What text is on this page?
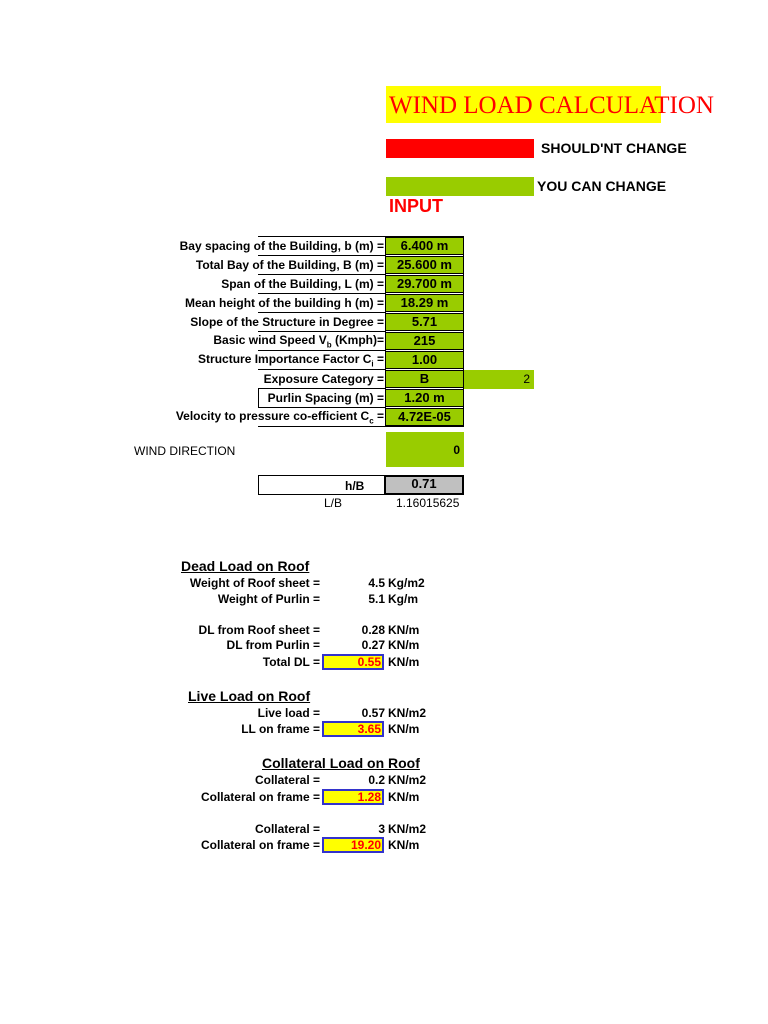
WIND LOAD CALCULATION
SHOULD'NT CHANGE
YOU CAN CHANGE
INPUT
Bay spacing of the Building, b (m) =	6.400 m
Total Bay of the Building, B (m) =	25.600 m
Span of the Building, L (m) =	29.700 m
Mean height of the building h (m) =	18.29 m
Slope of the Structure in Degree =	5.71
Basic wind Speed $V_b$ (Kmph)=	215
Structure Importance Factor $C_i$ =	1.00
Exposure Category =	B	2
Purlin Spacing (m) =	1.20 m
Velocity to pressure co-efficient $C_c$ =	4.72E-05
WIND DIRECTION	0
h/B	0.71
L/B	1.16015625
Dead Load on Roof
Weight of Roof sheet =	4.5 Kg/m2
Weight of Purlin =	5.1 Kg/m
DL from Roof sheet =	0.28 KN/m
DL from Purlin =	0.27 KN/m
Total DL =	0.55 KN/m
Live Load on Roof
Live load =	0.57 KN/m2
LL on frame =	3.65 KN/m
Collateral Load on Roof
Collateral =	0.2 KN/m2
Collateral on frame =	1.28 KN/m
Collateral =	3 KN/m2
Collateral on frame =	19.20 KN/m
